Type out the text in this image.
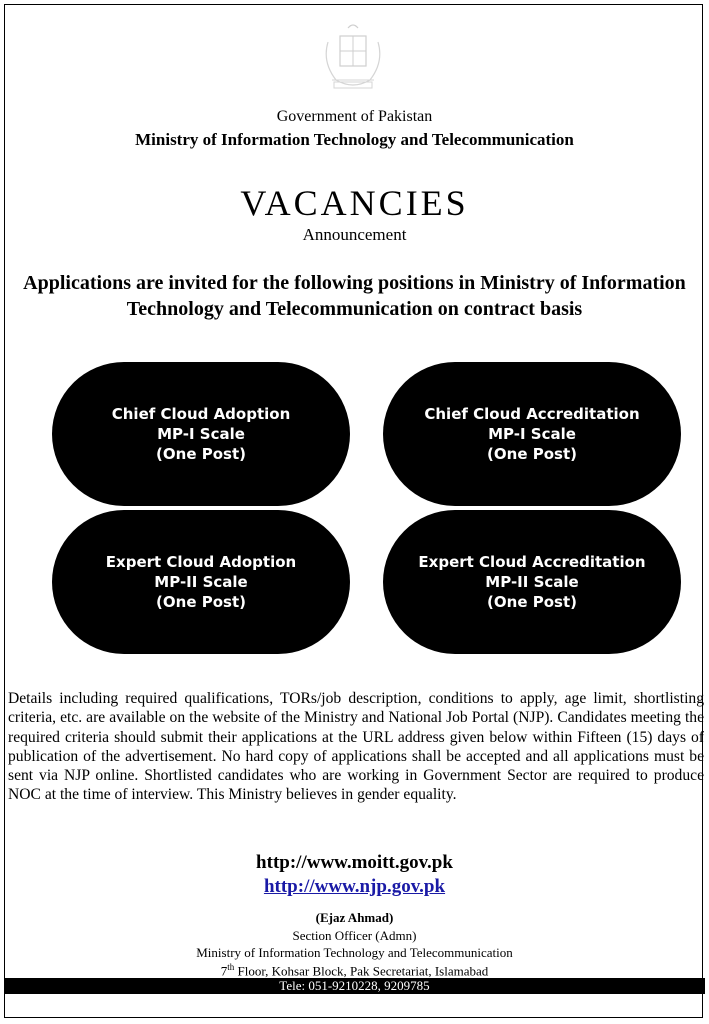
Government of Pakistan
Ministry of Information Technology and Telecommunication
VACANCIES
Announcement
Applications are invited for the following positions in Ministry of Information Technology and Telecommunication on contract basis
Chief Cloud Adoption
MP-I Scale
(One Post)
Chief Cloud Accreditation
MP-I Scale
(One Post)
Expert Cloud Adoption
MP-II Scale
(One Post)
Expert Cloud Accreditation
MP-II Scale
(One Post)
Details including required qualifications, TORs/job description, conditions to apply, age limit, shortlisting criteria, etc. are available on the website of the Ministry and National Job Portal (NJP). Candidates meeting the required criteria should submit their applications at the URL address given below within Fifteen (15) days of publication of the advertisement. No hard copy of applications shall be accepted and all applications must be sent via NJP online. Shortlisted candidates who are working in Government Sector are required to produce NOC at the time of interview. This Ministry believes in gender equality.
http://www.moitt.gov.pk
http://www.njp.gov.pk
(Ejaz Ahmad)
Section Officer (Admn)
Ministry of Information Technology and Telecommunication
7th Floor, Kohsar Block, Pak Secretariat, Islamabad
Tele: 051-9210228, 9209785
